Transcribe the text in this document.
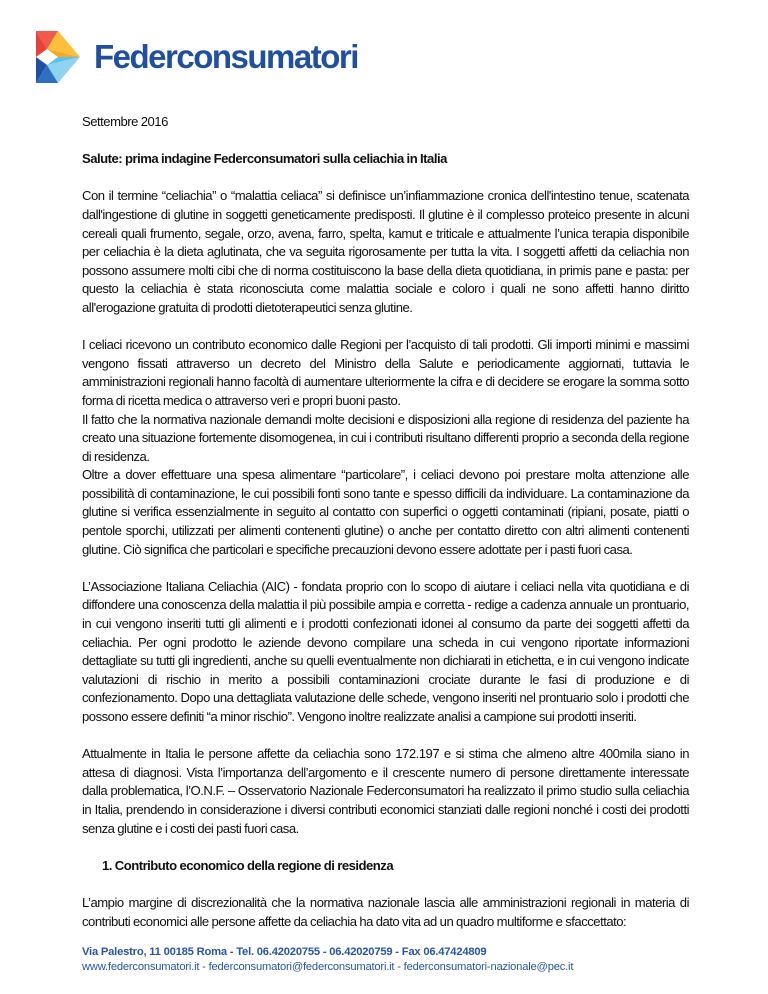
Federconsumatori

Settembre 2016

Salute: prima indagine Federconsumatori sulla celiachia in Italia

Con il termine “celiachia” o “malattia celiaca” si definisce un’infiammazione cronica dell'intestino tenue, scatenata dall'ingestione di glutine in soggetti geneticamente predisposti. Il glutine è il complesso proteico presente in alcuni cereali quali frumento, segale, orzo, avena, farro, spelta, kamut e triticale e attualmente l’unica terapia disponibile per celiachia è la dieta aglutinata, che va seguita rigorosamente per tutta la vita. I soggetti affetti da celiachia non possono assumere molti cibi che di norma costituiscono la base della dieta quotidiana, in primis pane e pasta: per questo la celiachia è stata riconosciuta come malattia sociale e coloro i quali ne sono affetti hanno diritto all'erogazione gratuita di prodotti dietoterapeutici senza glutine.

I celiaci ricevono un contributo economico dalle Regioni per l’acquisto di tali prodotti. Gli importi minimi e massimi vengono fissati attraverso un decreto del Ministro della Salute e periodicamente aggiornati, tuttavia le amministrazioni regionali hanno facoltà di aumentare ulteriormente la cifra e di decidere se erogare la somma sotto forma di ricetta medica o attraverso veri e propri buoni pasto.

Il fatto che la normativa nazionale demandi molte decisioni e disposizioni alla regione di residenza del paziente ha creato una situazione fortemente disomogenea, in cui i contributi risultano differenti proprio a seconda della regione di residenza.

Oltre a dover effettuare una spesa alimentare “particolare”, i celiaci devono poi prestare molta attenzione alle possibilità di contaminazione, le cui possibili fonti sono tante e spesso difficili da individuare. La contaminazione da glutine si verifica essenzialmente in seguito al contatto con superfici o oggetti contaminati (ripiani, posate, piatti o pentole sporchi, utilizzati per alimenti contenenti glutine) o anche per contatto diretto con altri alimenti contenenti glutine. Ciò significa che particolari e specifiche precauzioni devono essere adottate per i pasti fuori casa.

L’Associazione Italiana Celiachia (AIC) - fondata proprio con lo scopo di aiutare i celiaci nella vita quotidiana e di diffondere una conoscenza della malattia il più possibile ampia e corretta - redige a cadenza annuale un prontuario, in cui vengono inseriti tutti gli alimenti e i prodotti confezionati idonei al consumo da parte dei soggetti affetti da celiachia. Per ogni prodotto le aziende devono compilare una scheda in cui vengono riportate informazioni dettagliate su tutti gli ingredienti, anche su quelli eventualmente non dichiarati in etichetta, e in cui vengono indicate valutazioni di rischio in merito a possibili contaminazioni crociate durante le fasi di produzione e di confezionamento. Dopo una dettagliata valutazione delle schede, vengono inseriti nel prontuario solo i prodotti che possono essere definiti “a minor rischio”. Vengono inoltre realizzate analisi a campione sui prodotti inseriti.

Attualmente in Italia le persone affette da celiachia sono 172.197 e si stima che almeno altre 400mila siano in attesa di diagnosi. Vista l’importanza dell’argomento e il crescente numero di persone direttamente interessate dalla problematica, l’O.N.F. – Osservatorio Nazionale Federconsumatori ha realizzato il primo studio sulla celiachia in Italia, prendendo in considerazione i diversi contributi economici stanziati dalle regioni nonché i costi dei prodotti senza glutine e i costi dei pasti fuori casa.

1. Contributo economico della regione di residenza

L’ampio margine di discrezionalità che la normativa nazionale lascia alle amministrazioni regionali in materia di contributi economici alle persone affette da celiachia ha dato vita ad un quadro multiforme e sfaccettato:

Via Palestro, 11 00185 Roma - Tel. 06.42020755 - 06.42020759 - Fax 06.47424809
www.federconsumatori.it - federconsumatori@federconsumatori.it - federconsumatori-nazionale@pec.it
